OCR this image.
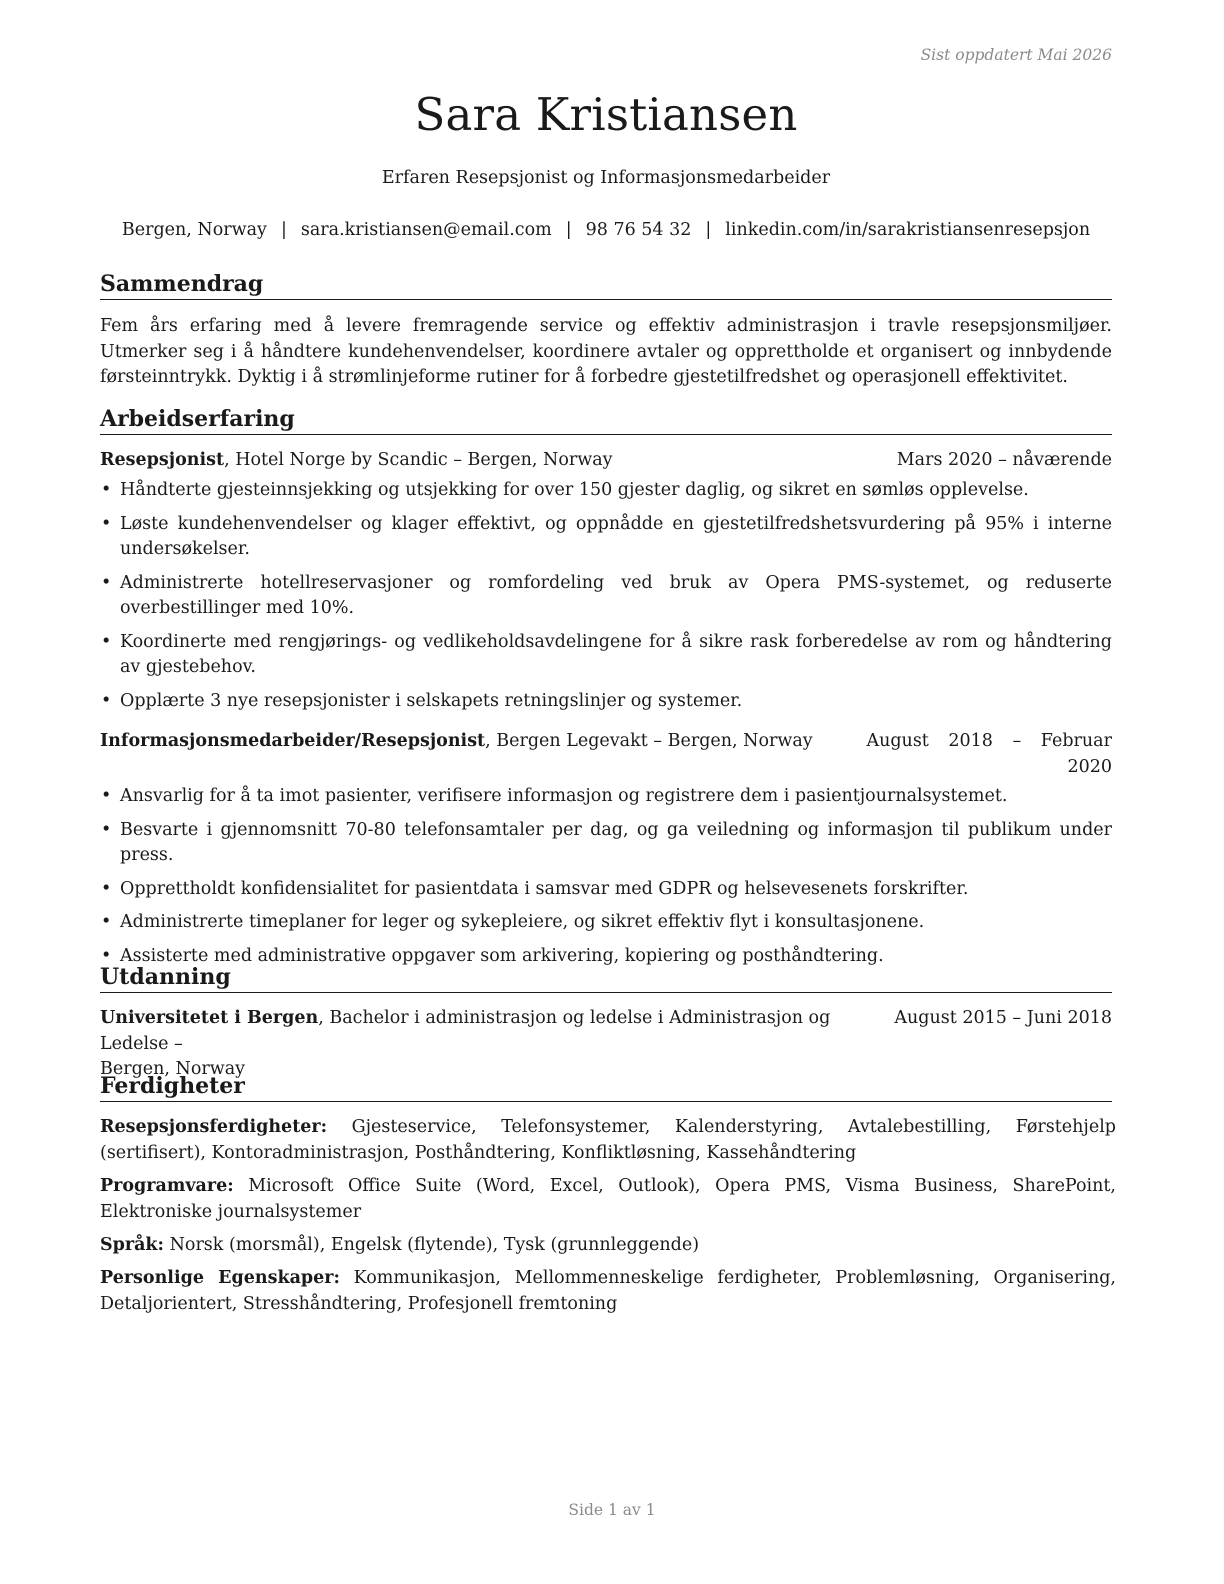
Sist oppdatert Mai 2026
Sara Kristiansen
Erfaren Resepsjonist og Informasjonsmedarbeider
Bergen, Norway | sara.kristiansen@email.com | 98 76 54 32 | linkedin.com/in/sarakristiansenresepsjon
Sammendrag
Fem års erfaring med å levere fremragende service og effektiv administrasjon i travle resepsjonsmiljøer. Utmerker seg i å håndtere kundehenvendelser, koordinere avtaler og opprettholde et organisert og innbydende førsteinntrykk. Dyktig i å strømlinjeforme rutiner for å forbedre gjestetilfredshet og operasjonell effektivitet.
Arbeidserfaring
Resepsjonist, Hotel Norge by Scandic – Bergen, Norway	Mars 2020 – nåværende
• Håndterte gjesteinnsjekking og utsjekking for over 150 gjester daglig, og sikret en sømløs opplevelse.
• Løste kundehenvendelser og klager effektivt, og oppnådde en gjestetilfredshetsvurdering på 95% i interne undersøkelser.
• Administrerte hotellreservasjoner og romfordeling ved bruk av Opera PMS-systemet, og reduserte overbestillinger med 10%.
• Koordinerte med rengjørings- og vedlikeholdsavdelingene for å sikre rask forberedelse av rom og håndtering av gjestebehov.
• Opplærte 3 nye resepsjonister i selskapets retningslinjer og systemer.
Informasjonsmedarbeider/Resepsjonist, Bergen Legevakt – Bergen, Norway	August 2018 – Februar
2020
• Ansvarlig for å ta imot pasienter, verifisere informasjon og registrere dem i pasientjournalsystemet.
• Besvarte i gjennomsnitt 70-80 telefonsamtaler per dag, og ga veiledning og informasjon til publikum under press.
• Opprettholdt konfidensialitet for pasientdata i samsvar med GDPR og helsevesenets forskrifter.
• Administrerte timeplaner for leger og sykepleiere, og sikret effektiv flyt i konsultasjonene.
• Assisterte med administrative oppgaver som arkivering, kopiering og posthåndtering.
Utdanning
Universitetet i Bergen, Bachelor i administrasjon og ledelse i Administrasjon og Ledelse –
Bergen, Norway
August 2015 – Juni 2018
Ferdigheter
Resepsjonsferdigheter: Gjesteservice, Telefonsystemer, Kalenderstyring, Avtalebestilling, Førstehjelp (sertifisert), Kontoradministrasjon, Posthåndtering, Konfliktløsning, Kassehåndtering
Programvare: Microsoft Office Suite (Word, Excel, Outlook), Opera PMS, Visma Business, SharePoint, Elektroniske journalsystemer
Språk: Norsk (morsmål), Engelsk (flytende), Tysk (grunnleggende)
Personlige Egenskaper: Kommunikasjon, Mellommenneskelige ferdigheter, Problemløsning, Organisering, Detaljorientert, Stresshåndtering, Profesjonell fremtoning
Side 1 av 1
